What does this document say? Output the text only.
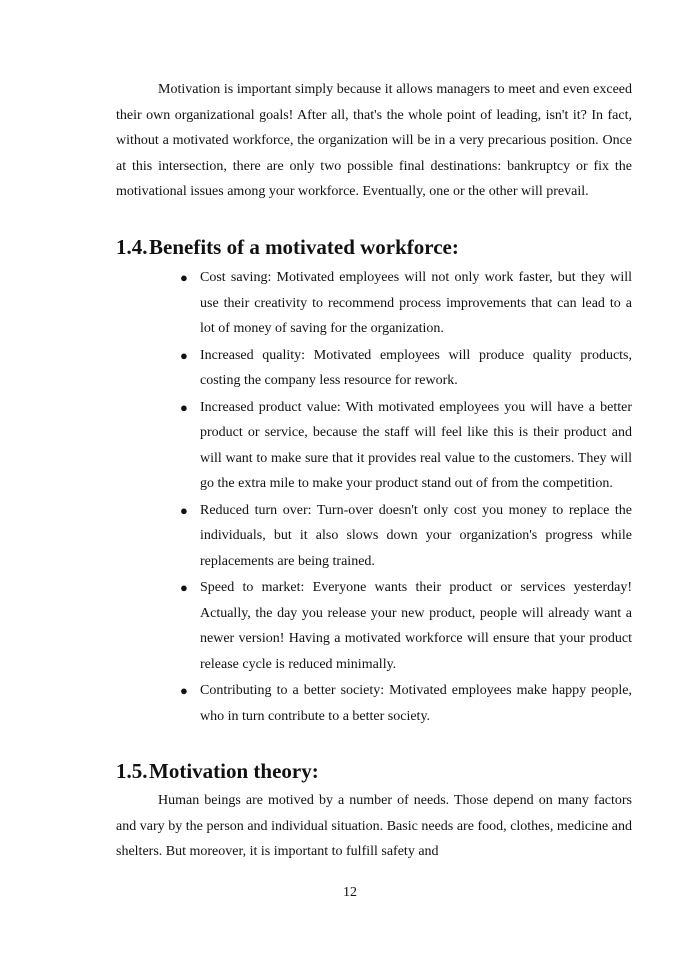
Motivation is important simply because it allows managers to meet and even exceed their own organizational goals! After all, that's the whole point of leading, isn't it? In fact, without a motivated workforce, the organization will be in a very precarious position. Once at this intersection, there are only two possible final destinations: bankruptcy or fix the motivational issues among your workforce. Eventually, one or the other will prevail.

1.4.Benefits of a motivated workforce:
● Cost saving: Motivated employees will not only work faster, but they will use their creativity to recommend process improvements that can lead to a lot of money of saving for the organization.
● Increased quality: Motivated employees will produce quality products, costing the company less resource for rework.
● Increased product value: With motivated employees you will have a better product or service, because the staff will feel like this is their product and will want to make sure that it provides real value to the customers. They will go the extra mile to make your product stand out of from the competition.
● Reduced turn over: Turn-over doesn't only cost you money to replace the individuals, but it also slows down your organization's progress while replacements are being trained.
● Speed to market: Everyone wants their product or services yesterday! Actually, the day you release your new product, people will already want a newer version! Having a motivated workforce will ensure that your product release cycle is reduced minimally.
● Contributing to a better society: Motivated employees make happy people, who in turn contribute to a better society.
1.5.Motivation theory:

Human beings are motived by a number of needs. Those depend on many factors and vary by the person and individual situation. Basic needs are food, clothes, medicine and shelters. But moreover, it is important to fulfill safety and

12
